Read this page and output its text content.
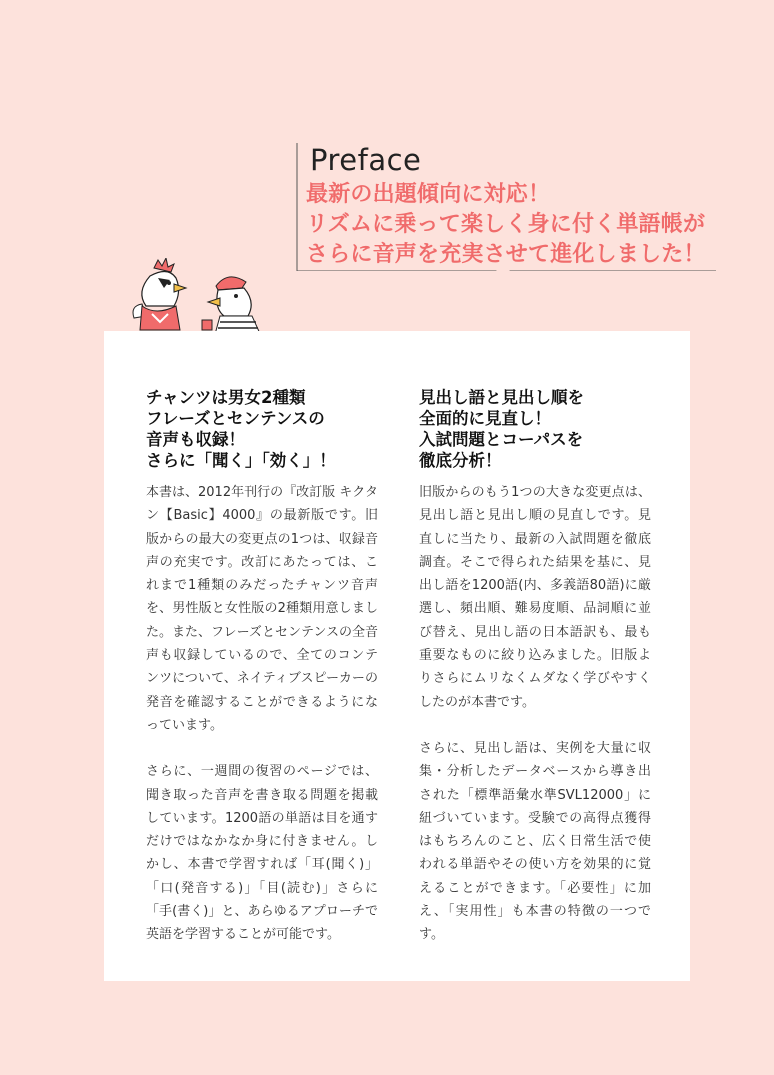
Preface
最新の出題傾向に対応！
リズムに乗って楽しく身に付く単語帳が
さらに音声を充実させて進化しました！
チャンツは男女2種類
フレーズとセンテンスの
音声も収録！
さらに「聞く」「効く」！

本書は、2012年刊行の『改訂版 キクタン【Basic】4000』の最新版です。旧版からの最大の変更点の1つは、収録音声の充実です。改訂にあたっては、これまで1種類のみだったチャンツ音声を、男性版と女性版の2種類用意しました。また、フレーズとセンテンスの全音声も収録しているので、全てのコンテンツについて、ネイティブスピーカーの発音を確認することができるようになっています。

さらに、一週間の復習のページでは、聞き取った音声を書き取る問題を掲載しています。1200語の単語は目を通すだけではなかなか身に付きません。しかし、本書で学習すれば「耳(聞く)」「口(発音する)」「目(読む)」さらに「手(書く)」と、あらゆるアプローチで英語を学習することが可能です。

見出し語と見出し順を
全面的に見直し！
入試問題とコーパスを
徹底分析！

旧版からのもう1つの大きな変更点は、見出し語と見出し順の見直しです。見直しに当たり、最新の入試問題を徹底調査。そこで得られた結果を基に、見出し語を1200語(内、多義語80語)に厳選し、頻出順、難易度順、品詞順に並び替え、見出し語の日本語訳も、最も重要なものに絞り込みました。旧版よりさらにムリなくムダなく学びやすくしたのが本書です。

さらに、見出し語は、実例を大量に収集・分析したデータベースから導き出された「標準語彙水準SVL12000」に紐づいています。受験での高得点獲得はもちろんのこと、広く日常生活で使われる単語やその使い方を効果的に覚えることができます。「必要性」に加え、「実用性」も本書の特徴の一つです。
